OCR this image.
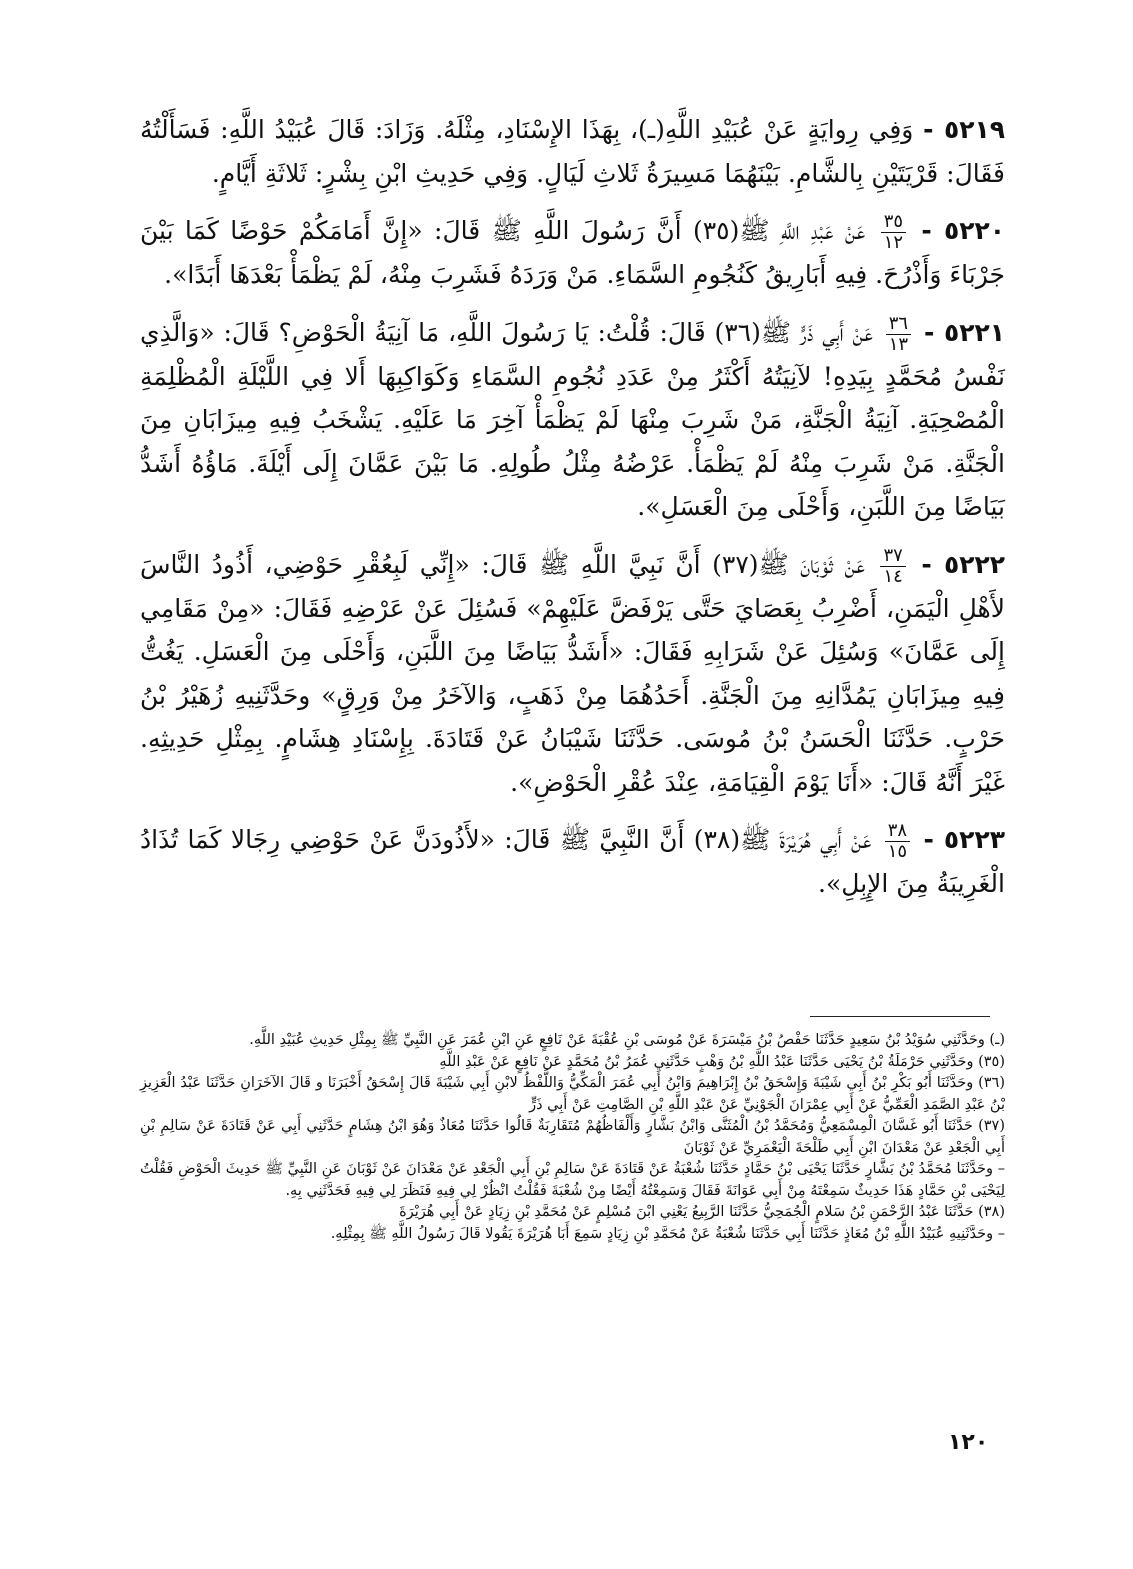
٥٢١٩ - وَفِي رِوايَةٍ عَنْ عُبَيْدِ اللَّهِ(ـ)، بِهَذَا الإِسْنَادِ، مِثْلَهُ. وَزَادَ: قَالَ عُبَيْدُ اللَّهِ: فَسَأَلْتُهُ فَقَالَ: قَرْيَتَيْنِ بِالشَّامِ. بَيْنَهُمَا مَسِيرَةُ ثَلاثِ لَيَالٍ. وَفِي حَدِيثِ ابْنِ بِشْرٍ: ثَلاثَةِ أَيَّامٍ.

٥٢٢٠ -
$\frac{٣٥}{١٢}$
عَنْ عَبْدِ اللَّهِ ﷺ(٣٥) أَنَّ رَسُولَ اللَّهِ ﷺ قَالَ: «إِنَّ أَمَامَكُمْ حَوْضًا كَمَا بَيْنَ جَرْبَاءَ وَأَذْرُحَ. فِيهِ أَبَارِيقُ كَنُجُومِ السَّمَاءِ. مَنْ وَرَدَهُ فَشَرِبَ مِنْهُ، لَمْ يَظْمَأْ بَعْدَهَا أَبَدًا».

٥٢٢١ -
$\frac{٣٦}{١٣}$
عَنْ أَبِي ذَرٍّ ﷺ(٣٦) قَالَ: قُلْتُ: يَا رَسُولَ اللَّهِ، مَا آنِيَةُ الْحَوْضِ؟ قَالَ: «وَالَّذِي نَفْسُ مُحَمَّدٍ بِيَدِهِ! لآنِيَتُهُ أَكْثَرُ مِنْ عَدَدِ نُجُومِ السَّمَاءِ وَكَوَاكِبِهَا أَلا فِي اللَّيْلَةِ الْمُظْلِمَةِ الْمُصْحِيَةِ. آنِيَةُ الْجَنَّةِ، مَنْ شَرِبَ مِنْهَا لَمْ يَظْمَأْ آخِرَ مَا عَلَيْهِ. يَشْخَبُ فِيهِ مِيزَابَانِ مِنَ الْجَنَّةِ. مَنْ شَرِبَ مِنْهُ لَمْ يَظْمَأْ. عَرْضُهُ مِثْلُ طُولِهِ. مَا بَيْنَ عَمَّانَ إِلَى أَيْلَةَ. مَاؤُهُ أَشَدُّ بَيَاضًا مِنَ اللَّبَنِ، وَأَحْلَى مِنَ الْعَسَلِ».

٥٢٢٢ -
$\frac{٣٧}{١٤}$
عَنْ ثَوْبَانَ ﷺ(٣٧) أَنَّ نَبِيَّ اللَّهِ ﷺ قَالَ: «إِنِّي لَبِعُقْرِ حَوْضِي، أَذُودُ النَّاسَ لأَهْلِ الْيَمَنِ، أَضْرِبُ بِعَصَايَ حَتَّى يَرْفَضَّ عَلَيْهِمْ» فَسُئِلَ عَنْ عَرْضِهِ فَقَالَ: «مِنْ مَقَامِي إِلَى عَمَّانَ» وَسُئِلَ عَنْ شَرَابِهِ فَقَالَ: «أَشَدُّ بَيَاضًا مِنَ اللَّبَنِ، وَأَحْلَى مِنَ الْعَسَلِ. يَغُتُّ فِيهِ مِيزَابَانِ يَمُدَّانِهِ مِنَ الْجَنَّةِ. أَحَدُهُمَا مِنْ ذَهَبٍ، وَالآخَرُ مِنْ وَرِقٍ» وحَدَّثَنِيهِ زُهَيْرُ بْنُ حَرْبٍ. حَدَّثَنَا الْحَسَنُ بْنُ مُوسَى. حَدَّثَنَا شَيْبَانُ عَنْ قَتَادَةَ. بِإِسْنَادِ هِشَامٍ. بِمِثْلِ حَدِيثِهِ. غَيْرَ أَنَّهُ قَالَ: «أَنَا يَوْمَ الْقِيَامَةِ، عِنْدَ عُقْرِ الْحَوْضِ».

٥٢٢٣ -
$\frac{٣٨}{١٥}$
عَنْ أَبِي هُرَيْرَةَ ﷺ(٣٨) أَنَّ النَّبِيَّ ﷺ قَالَ: «لأَذُودَنَّ عَنْ حَوْضِي رِجَالا كَمَا تُذَادُ الْغَرِيبَةُ مِنَ الإِبِلِ».

(ـ) وحَدَّثَنِي سُوَيْدُ بْنُ سَعِيدٍ حَدَّثَنَا حَفْصُ بْنُ مَيْسَرَةَ عَنْ مُوسَى بْنِ عُقْبَةَ عَنْ نَافِعٍ عَنِ ابْنِ عُمَرَ عَنِ النَّبِيِّ ﷺ بِمِثْلِ حَدِيثِ عُبَيْدِ اللَّهِ.

(٣٥) وحَدَّثَنِي حَرْمَلَةُ بْنُ يَحْيَى حَدَّثَنَا عَبْدُ اللَّهِ بْنُ وَهْبٍ حَدَّثَنِي عُمَرُ بْنُ مُحَمَّدٍ عَنْ نَافِعٍ عَنْ عَبْدِ اللَّهِ

(٣٦) وحَدَّثَنَا أَبُو بَكْرِ بْنُ أَبِي شَيْبَةَ وَإِسْحَقُ بْنُ إِبْرَاهِيمَ وَابْنُ أَبِي عُمَرَ الْمَكِّيُّ وَاللَّفْظُ لابْنِ أَبِي شَيْبَةَ قَالَ إِسْحَقُ أَخْبَرَنَا و قَالَ الآخَرَانِ حَدَّثَنَا عَبْدُ الْعَزِيزِ بْنُ عَبْدِ الصَّمَدِ الْعَمِّيُّ عَنْ أَبِي عِمْرَانَ الْجَوْنِيِّ عَنْ عَبْدِ اللَّهِ بْنِ الصَّامِتِ عَنْ أَبِي ذَرٍّ

(٣٧) حَدَّثَنَا أَبُو غَسَّانَ الْمِسْمَعِيُّ وَمُحَمَّدُ بْنُ الْمُثَنَّى وَابْنُ بَشَّارٍ وَأَلْفَاظُهُمْ مُتَقَارِبَةٌ قَالُوا حَدَّثَنَا مُعَاذٌ وَهُوَ ابْنُ هِشَامٍ حَدَّثَنِي أَبِي عَنْ قَتَادَةَ عَنْ سَالِمِ بْنِ أَبِي الْجَعْدِ عَنْ مَعْدَانَ ابْنِ أَبِي طَلْحَةَ الْيَعْمَرِيِّ عَنْ ثَوْبَانَ

– وحَدَّثَنَا مُحَمَّدُ بْنُ بَشَّارٍ حَدَّثَنَا يَحْيَى بْنُ حَمَّادٍ حَدَّثَنَا شُعْبَةُ عَنْ قَتَادَةَ عَنْ سَالِمِ بْنِ أَبِي الْجَعْدِ عَنْ مَعْدَانَ عَنْ ثَوْبَانَ عَنِ النَّبِيِّ ﷺ حَدِيثَ الْحَوْضِ فَقُلْتُ لِيَحْيَى بْنِ حَمَّادٍ هَذَا حَدِيثٌ سَمِعْتَهُ مِنْ أَبِي عَوَانَةَ فَقَالَ وَسَمِعْتُهُ أَيْضًا مِنْ شُعْبَةَ فَقُلْتُ انْظُرْ لِي فِيهِ فَنَظَرَ لِي فِيهِ فَحَدَّثَنِي بِهِ.

(٣٨) حَدَّثَنَا عَبْدُ الرَّحْمَنِ بْنُ سَلامٍ الْجُمَحِيُّ حَدَّثَنَا الرَّبِيعُ يَعْنِي ابْنَ مُسْلِمٍ عَنْ مُحَمَّدِ بْنِ زِيَادٍ عَنْ أَبِي هُرَيْرَةَ

– وحَدَّثَنِيهِ عُبَيْدُ اللَّهِ بْنُ مُعَاذٍ حَدَّثَنَا أَبِي حَدَّثَنَا شُعْبَةُ عَنْ مُحَمَّدِ بْنِ زِيَادٍ سَمِعَ أَبَا هُرَيْرَةَ يَقُولا قَالَ رَسُولُ اللَّهِ ﷺ بِمِثْلِهِ.

١٢٠
